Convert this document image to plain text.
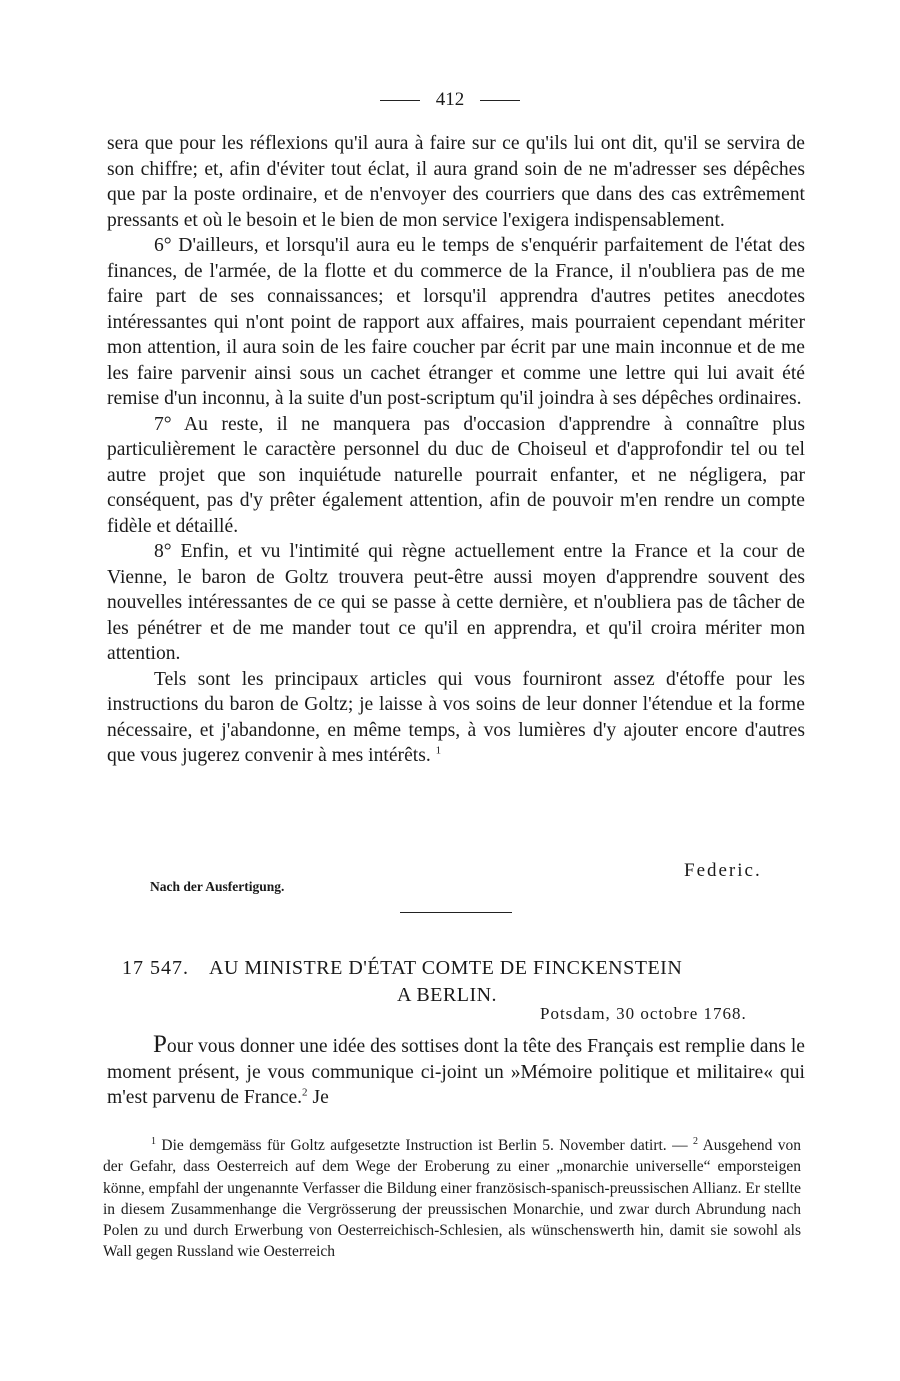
412

sera que pour les réflexions qu'il aura à faire sur ce qu'ils lui ont dit, qu'il se servira de son chiffre; et, afin d'éviter tout éclat, il aura grand soin de ne m'adresser ses dépêches que par la poste ordinaire, et de n'envoyer des courriers que dans des cas extrêmement pressants et où le besoin et le bien de mon service l'exigera indispensablement.

6° D'ailleurs, et lorsqu'il aura eu le temps de s'enquérir parfaitement de l'état des finances, de l'armée, de la flotte et du commerce de la France, il n'oubliera pas de me faire part de ses connaissances; et lorsqu'il apprendra d'autres petites anecdotes intéressantes qui n'ont point de rapport aux affaires, mais pourraient cependant mériter mon attention, il aura soin de les faire coucher par écrit par une main inconnue et de me les faire parvenir ainsi sous un cachet étranger et comme une lettre qui lui avait été remise d'un inconnu, à la suite d'un post-scriptum qu'il joindra à ses dépêches ordinaires.

7° Au reste, il ne manquera pas d'occasion d'apprendre à connaître plus particulièrement le caractère personnel du duc de Choiseul et d'approfondir tel ou tel autre projet que son inquiétude naturelle pourrait enfanter, et ne négligera, par conséquent, pas d'y prêter également attention, afin de pouvoir m'en rendre un compte fidèle et détaillé.

8° Enfin, et vu l'intimité qui règne actuellement entre la France et la cour de Vienne, le baron de Goltz trouvera peut-être aussi moyen d'apprendre souvent des nouvelles intéressantes de ce qui se passe à cette dernière, et n'oubliera pas de tâcher de les pénétrer et de me mander tout ce qu'il en apprendra, et qu'il croira mériter mon attention.

Tels sont les principaux articles qui vous fourniront assez d'étoffe pour les instructions du baron de Goltz; je laisse à vos soins de leur donner l'étendue et la forme nécessaire, et j'abandonne, en même temps, à vos lumières d'y ajouter encore d'autres que vous jugerez convenir à mes intérêts. $^1$

Federic.
Nach der Ausfertigung.
17 547. AU MINISTRE D'ÉTAT COMTE DE FINCKENSTEIN
A BERLIN.
Potsdam, 30 octobre 1768.

Pour vous donner une idée des sottises dont la tête des Français est remplie dans le moment présent, je vous communique ci-joint un »Mémoire politique et militaire« qui m'est parvenu de France.$^2$ Je

$^1$ Die demgemäss für Goltz aufgesetzte Instruction ist Berlin 5. November datirt. — $^2$ Ausgehend von der Gefahr, dass Oesterreich auf dem Wege der Eroberung zu einer „monarchie universelle“ emporsteigen könne, empfahl der ungenannte Verfasser die Bildung einer französisch-spanisch-preussischen Allianz. Er stellte in diesem Zusammenhange die Vergrösserung der preussischen Monarchie, und zwar durch Abrundung nach Polen zu und durch Erwerbung von Oesterreichisch-Schlesien, als wünschenswerth hin, damit sie sowohl als Wall gegen Russland wie Oesterreich
